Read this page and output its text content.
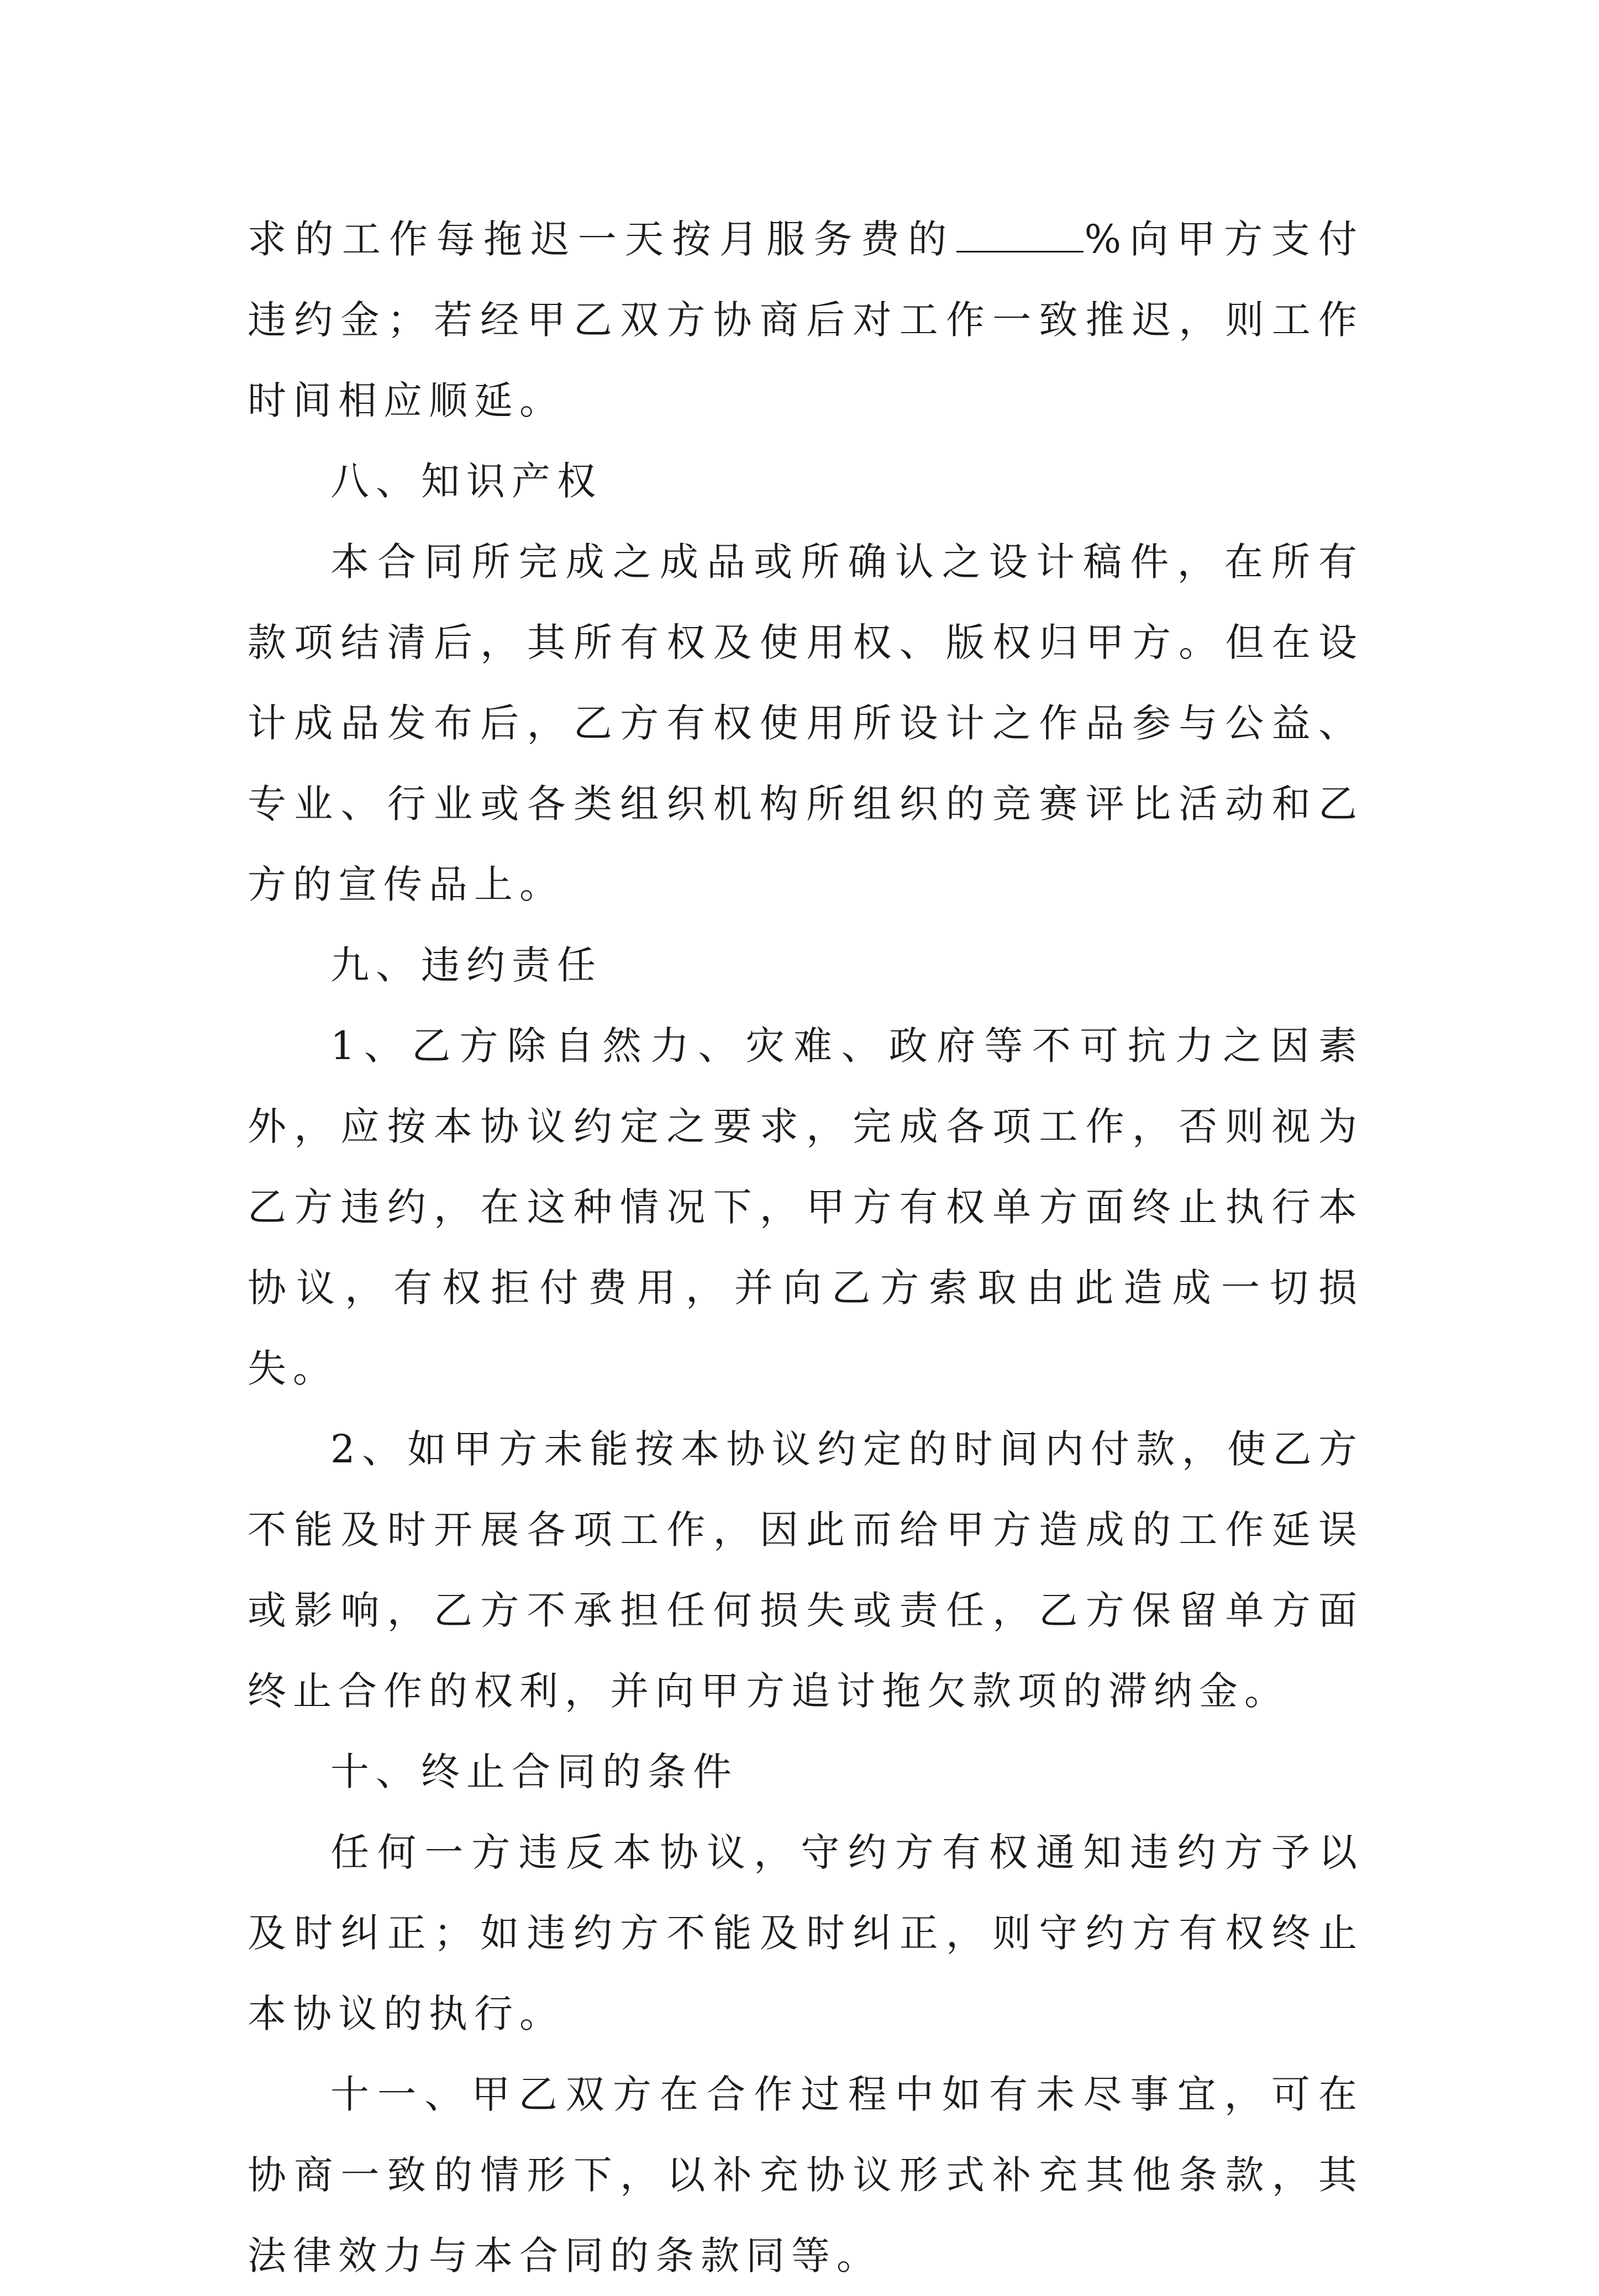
求的工作每拖迟一天按月服务费的	%向甲方支付违约金；若经甲乙双方协商后对工作一致推迟，则工作时间相应顺延。

八、知识产权

本合同所完成之成品或所确认之设计稿件，在所有款项结清后，其所有权及使用权、版权归甲方。但在设计成品发布后，乙方有权使用所设计之作品参与公益、专业、行业或各类组织机构所组织的竞赛评比活动和乙方的宣传品上。

九、违约责任

1、乙方除自然力、灾难、政府等不可抗力之因素外，应按本协议约定之要求，完成各项工作，否则视为乙方违约，在这种情况下，甲方有权单方面终止执行本协议，有权拒付费用，并向乙方索取由此造成一切损失。

2、如甲方未能按本协议约定的时间内付款，使乙方不能及时开展各项工作，因此而给甲方造成的工作延误或影响，乙方不承担任何损失或责任，乙方保留单方面终止合作的权利，并向甲方追讨拖欠款项的滞纳金。

十、终止合同的条件

任何一方违反本协议，守约方有权通知违约方予以及时纠正；如违约方不能及时纠正，则守约方有权终止本协议的执行。

十一、甲乙双方在合作过程中如有未尽事宜，可在协商一致的情形下，以补充协议形式补充其他条款，其法律效力与本合同的条款同等。
